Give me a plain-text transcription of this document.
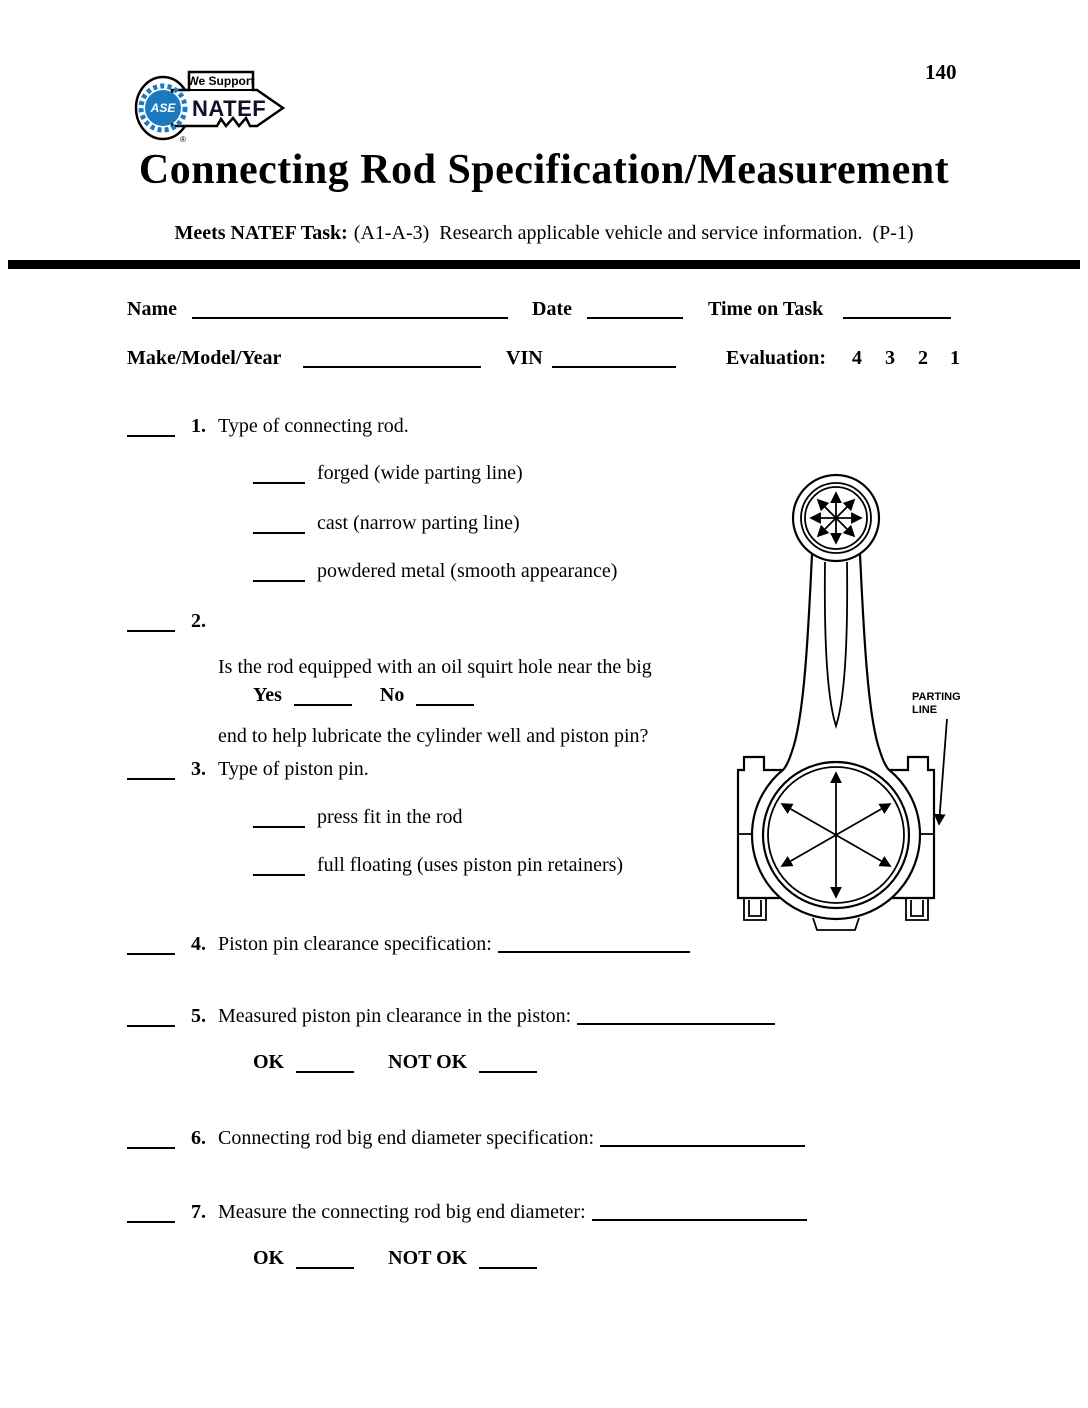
140
ASE
We Support
NATEF
®
Connecting Rod Specification/Measurement
Meets NATEF Task: (A1-A-3)  Research applicable vehicle and service information.  (P-1)
Name	Date	Time on Task
Make/Model/Year	VIN	Evaluation: 4 3 2 1
1. Type of connecting rod.
forged (wide parting line)
cast (narrow parting line)
powdered metal (smooth appearance)
2.

Is the rod equipped with an oil squirt hole near the big

end to help lubricate the cylinder well and piston pin?

Yes	No
3. Type of piston pin.
press fit in the rod
full floating (uses piston pin retainers)
4. Piston pin clearance specification:
5. Measured piston pin clearance in the piston:
OK	NOT OK
6. Connecting rod big end diameter specification:
7. Measure the connecting rod big end diameter:
OK	NOT OK
PARTING
LINE
